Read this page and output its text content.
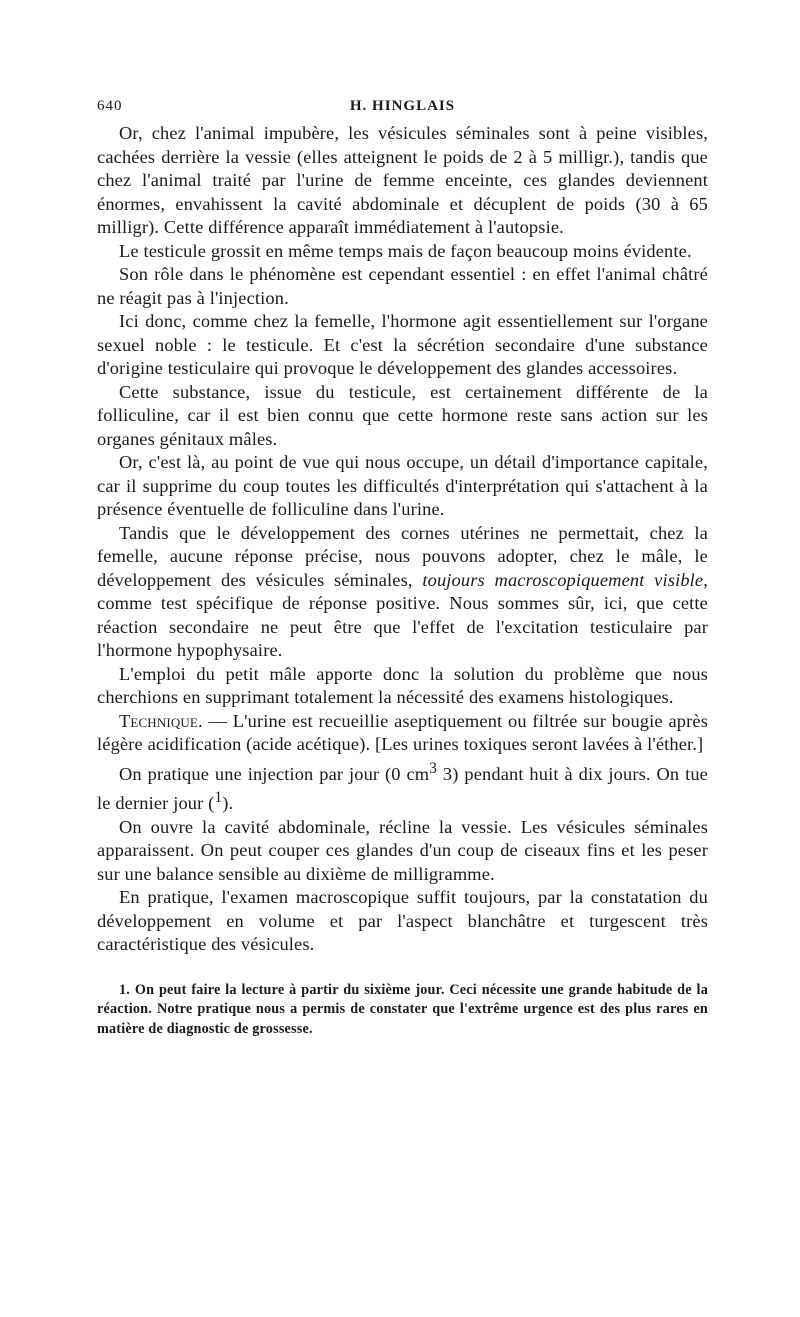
640	H. HINGLAIS

Or, chez l'animal impubère, les vésicules séminales sont à peine visibles, cachées derrière la vessie (elles atteignent le poids de 2 à 5 milligr.), tandis que chez l'animal traité par l'urine de femme enceinte, ces glandes deviennent énormes, envahissent la cavité abdominale et décuplent de poids (30 à 65 milligr). Cette différence apparaît immédiatement à l'autopsie.

Le testicule grossit en même temps mais de façon beaucoup moins évidente.

Son rôle dans le phénomène est cependant essentiel : en effet l'animal châtré ne réagit pas à l'injection.

Ici donc, comme chez la femelle, l'hormone agit essentiellement sur l'organe sexuel noble : le testicule. Et c'est la sécrétion secondaire d'une substance d'origine testiculaire qui provoque le développement des glandes accessoires.

Cette substance, issue du testicule, est certainement différente de la folliculine, car il est bien connu que cette hormone reste sans action sur les organes génitaux mâles.

Or, c'est là, au point de vue qui nous occupe, un détail d'importance capitale, car il supprime du coup toutes les difficultés d'interprétation qui s'attachent à la présence éventuelle de folliculine dans l'urine.

Tandis que le développement des cornes utérines ne permettait, chez la femelle, aucune réponse précise, nous pouvons adopter, chez le mâle, le développement des vésicules séminales, toujours macroscopiquement visible, comme test spécifique de réponse positive. Nous sommes sûr, ici, que cette réaction secondaire ne peut être que l'effet de l'excitation testiculaire par l'hormone hypophysaire.

L'emploi du petit mâle apporte donc la solution du problème que nous cherchions en supprimant totalement la nécessité des examens histologiques.

Technique. — L'urine est recueillie aseptiquement ou filtrée sur bougie après légère acidification (acide acétique). [Les urines toxiques seront lavées à l'éther.]

On pratique une injection par jour (0 $cm^3$ 3) pendant huit à dix jours. On tue le dernier jour ($^1$).

On ouvre la cavité abdominale, récline la vessie. Les vésicules séminales apparaissent. On peut couper ces glandes d'un coup de ciseaux fins et les peser sur une balance sensible au dixième de milligramme.

En pratique, l'examen macroscopique suffit toujours, par la constatation du développement en volume et par l'aspect blanchâtre et turgescent très caractéristique des vésicules.

1. On peut faire la lecture à partir du sixième jour. Ceci nécessite une grande habitude de la réaction. Notre pratique nous a permis de constater que l'extrême urgence est des plus rares en matière de diagnostic de grossesse.
